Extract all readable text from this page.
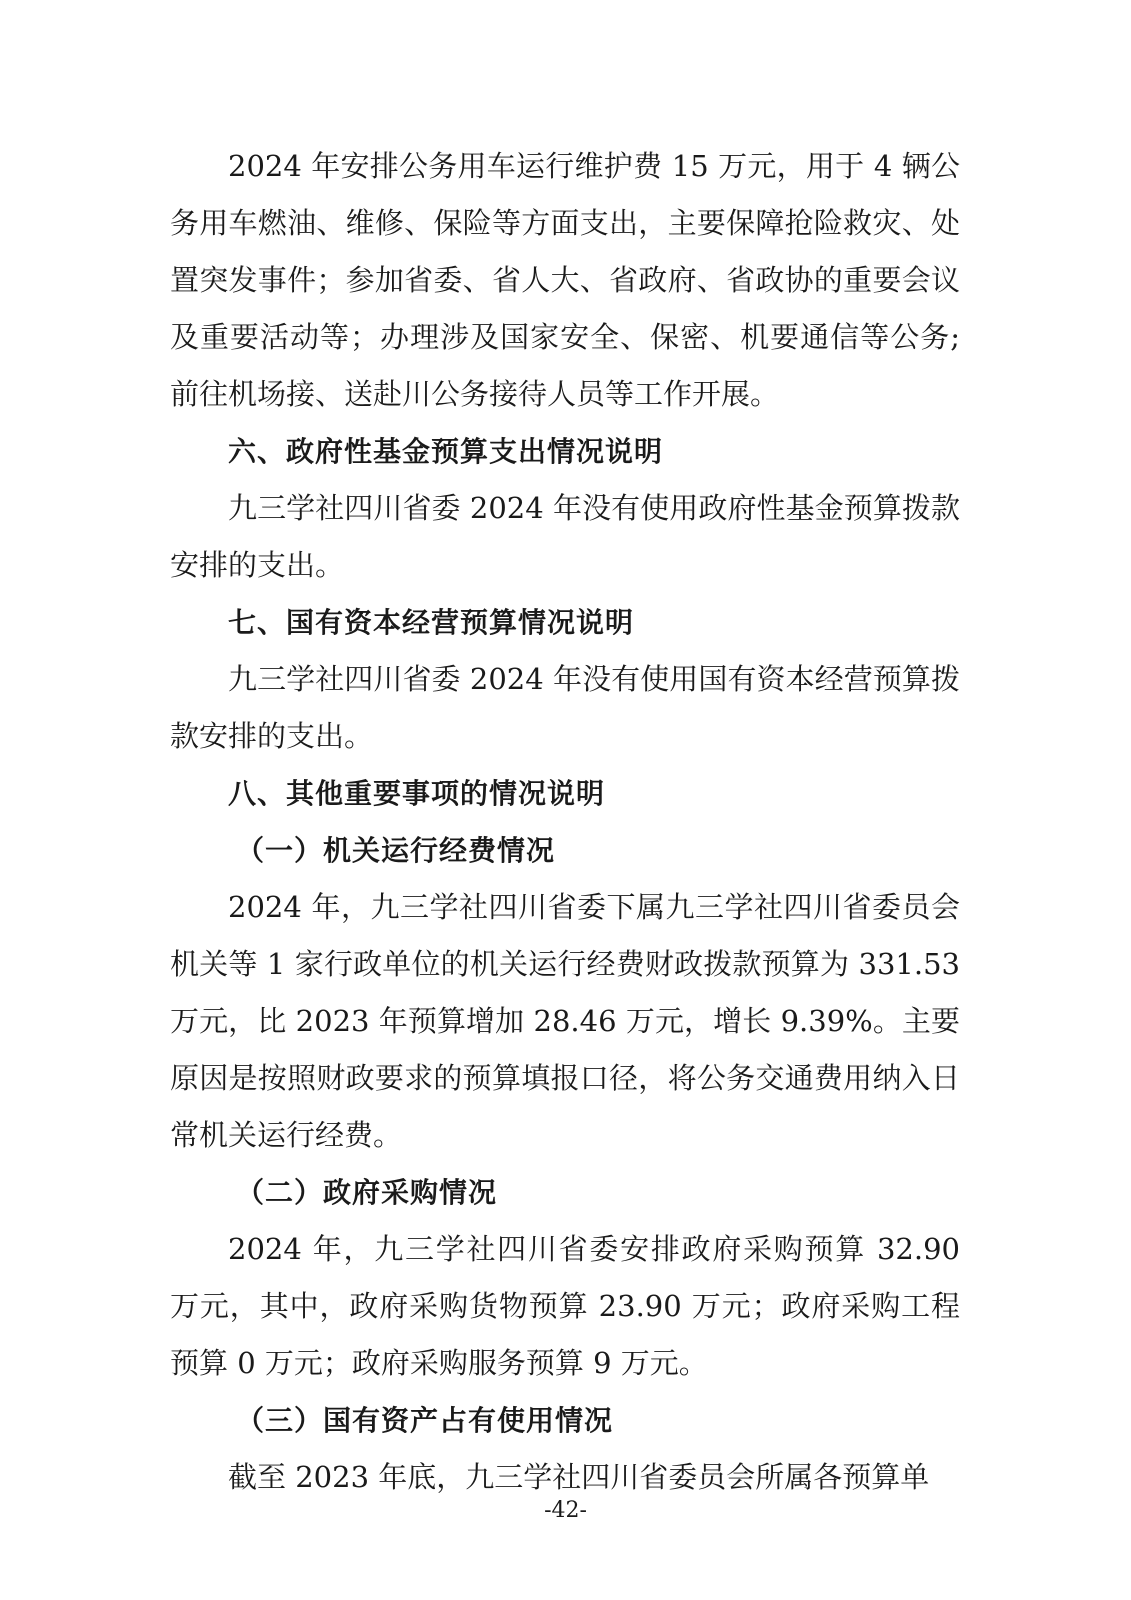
2024 年安排公务用车运行维护费 15 万元，用于 4 辆公务用车燃油、维修、保险等方面支出，主要保障抢险救灾、处置突发事件；参加省委、省人大、省政府、省政协的重要会议及重要活动等；办理涉及国家安全、保密、机要通信等公务;前往机场接、送赴川公务接待人员等工作开展。

六、政府性基金预算支出情况说明

九三学社四川省委 2024 年没有使用政府性基金预算拨款安排的支出。

七、国有资本经营预算情况说明

九三学社四川省委 2024 年没有使用国有资本经营预算拨款安排的支出。

八、其他重要事项的情况说明

（一）机关运行经费情况

2024 年，九三学社四川省委下属九三学社四川省委员会机关等 1 家行政单位的机关运行经费财政拨款预算为 331.53 万元，比 2023 年预算增加 28.46 万元，增长 9.39%。主要原因是按照财政要求的预算填报口径，将公务交通费用纳入日常机关运行经费。

（二）政府采购情况

2024 年，九三学社四川省委安排政府采购预算 32.90 万元，其中，政府采购货物预算 23.90 万元；政府采购工程预算 0 万元；政府采购服务预算 9 万元。

（三）国有资产占有使用情况

截至 2023 年底，九三学社四川省委员会所属各预算单

-42-
